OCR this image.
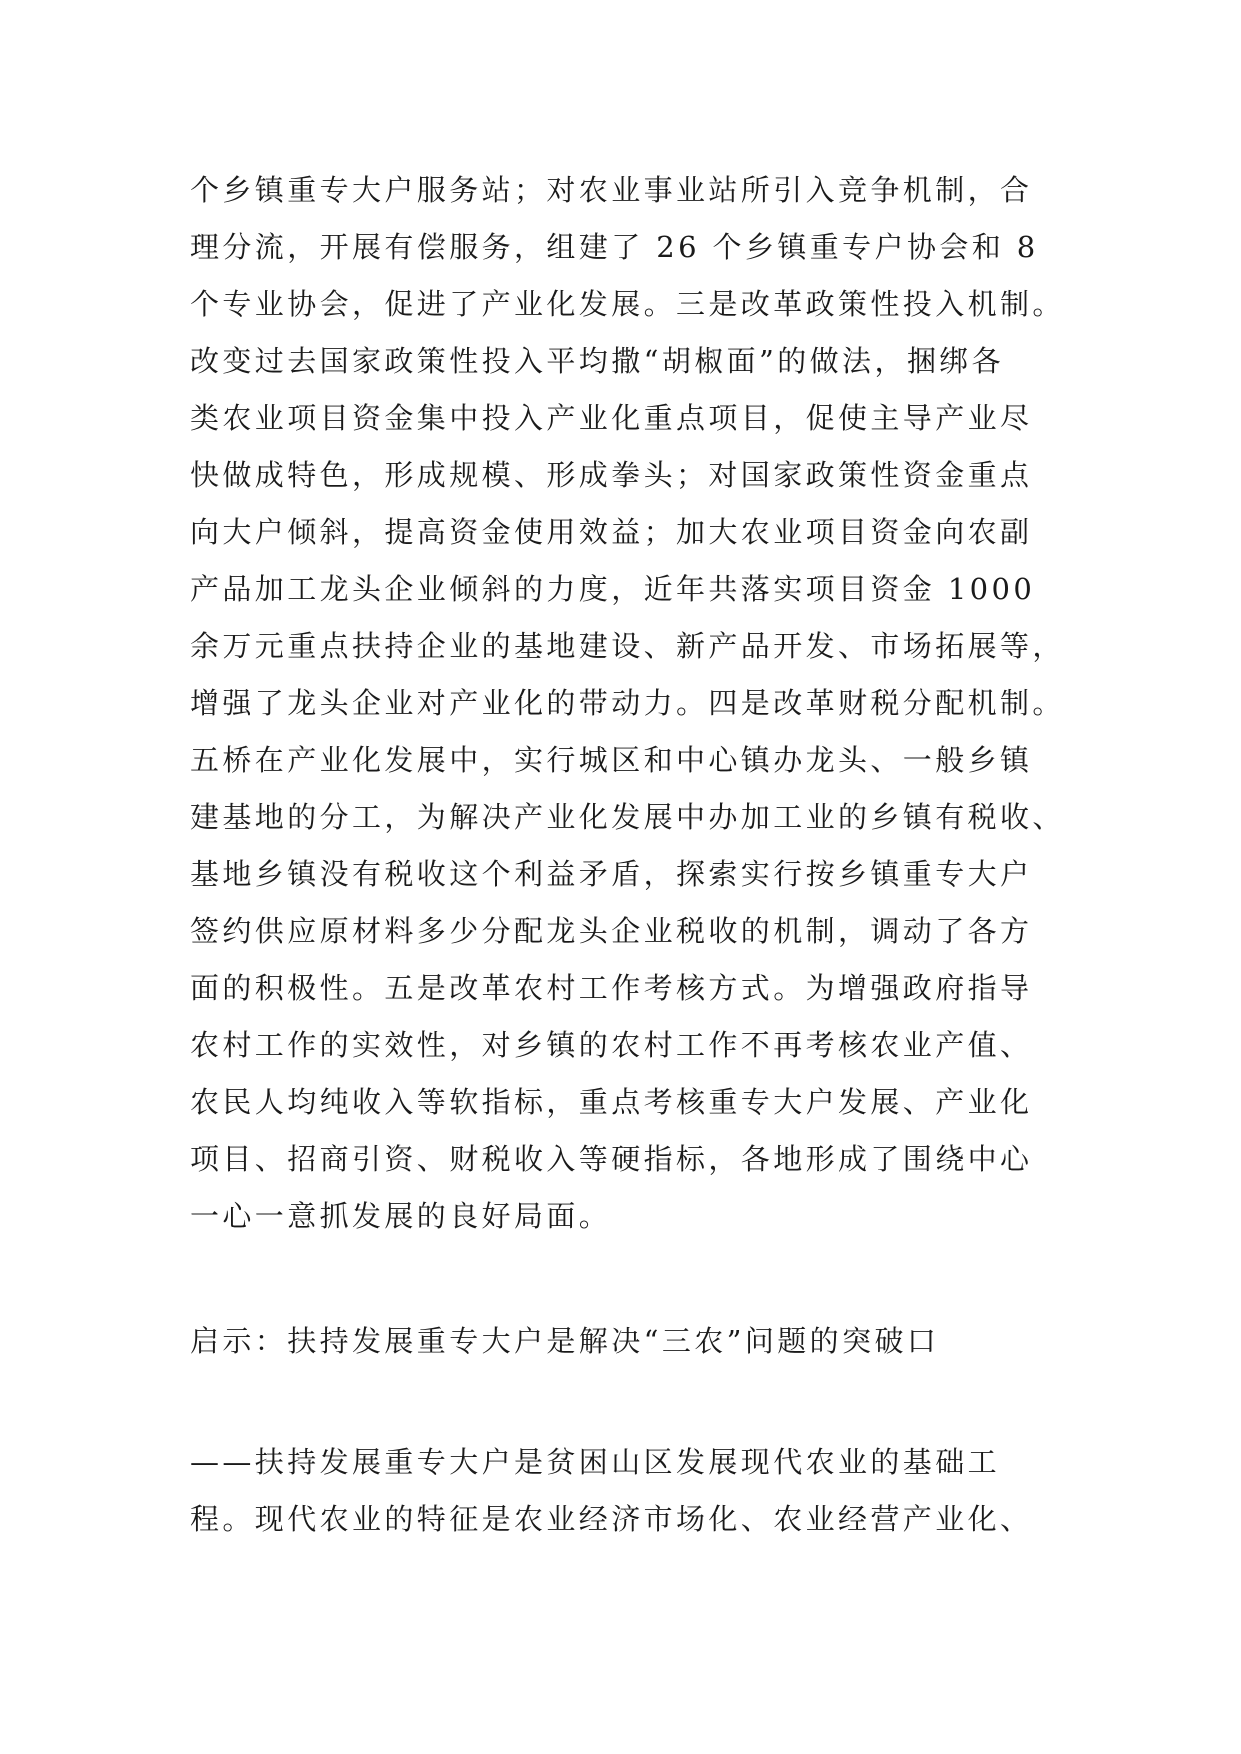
个乡镇重专大户服务站；对农业事业站所引入竞争机制，合
理分流，开展有偿服务，组建了 26 个乡镇重专户协会和 8
个专业协会，促进了产业化发展。三是改革政策性投入机制。
改变过去国家政策性投入平均撒“胡椒面”的做法，捆绑各
类农业项目资金集中投入产业化重点项目，促使主导产业尽
快做成特色，形成规模、形成拳头；对国家政策性资金重点
向大户倾斜，提高资金使用效益；加大农业项目资金向农副
产品加工龙头企业倾斜的力度，近年共落实项目资金 1000
余万元重点扶持企业的基地建设、新产品开发、市场拓展等，
增强了龙头企业对产业化的带动力。四是改革财税分配机制。
五桥在产业化发展中，实行城区和中心镇办龙头、一般乡镇
建基地的分工，为解决产业化发展中办加工业的乡镇有税收、
基地乡镇没有税收这个利益矛盾，探索实行按乡镇重专大户
签约供应原材料多少分配龙头企业税收的机制，调动了各方
面的积极性。五是改革农村工作考核方式。为增强政府指导
农村工作的实效性，对乡镇的农村工作不再考核农业产值、
农民人均纯收入等软指标，重点考核重专大户发展、产业化
项目、招商引资、财税收入等硬指标，各地形成了围绕中心
一心一意抓发展的良好局面。
启示：扶持发展重专大户是解决“三农”问题的突破口
——扶持发展重专大户是贫困山区发展现代农业的基础工
程。现代农业的特征是农业经济市场化、农业经营产业化、
